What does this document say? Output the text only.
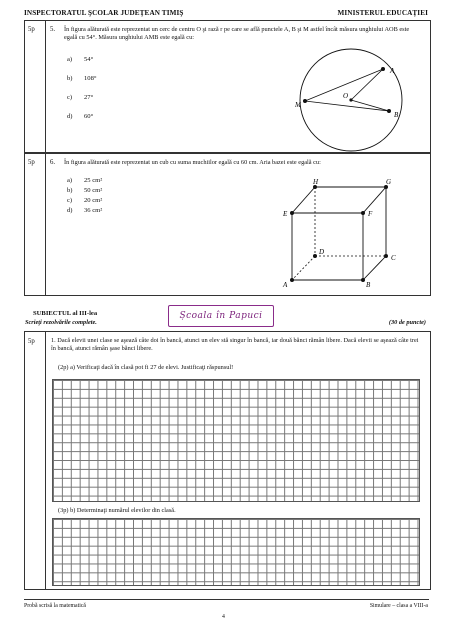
INSPECTORATUL ŞCOLAR JUDEŢEAN TIMIŞ	MINISTERUL EDUCAŢIEI
5p 5. În figura alăturată este reprezentat un cerc de centru O şi rază r pe care se află punctele A, B şi M astfel încât măsura unghiului AOB este egală cu 54°. Măsura unghiului AMB este egală cu:
a) 54°
b) 108°
c) 27°
d) 60°
A
B
M
O
5p 6. În figura alăturată este reprezentat un cub cu suma muchiilor egală cu 60 cm. Aria bazei este egală cu:
a) 25 cm²
b) 50 cm²
c) 20 cm²
d) 36 cm²
H	G
E	F
D
C
A	B
SUBIECTUL al III-lea
Scrieţi rezolvările complete.	(30 de puncte)
Școala în Papuci
5p	1. Dacă elevii unei clase se aşează câte doi în bancă, atunci un elev stă singur în bancă, iar două bănci rămân libere. Dacă elevii se aşează câte trei în bancă, atunci rămân şase bănci libere.
(2p) a) Verificaţi dacă în clasă pot fi 27 de elevi. Justificaţi răspunsul!
(3p) b) Determinaţi numărul elevilor din clasă.
Probă scrisă la matematică	Simulare – clasa a VIII-a
4
